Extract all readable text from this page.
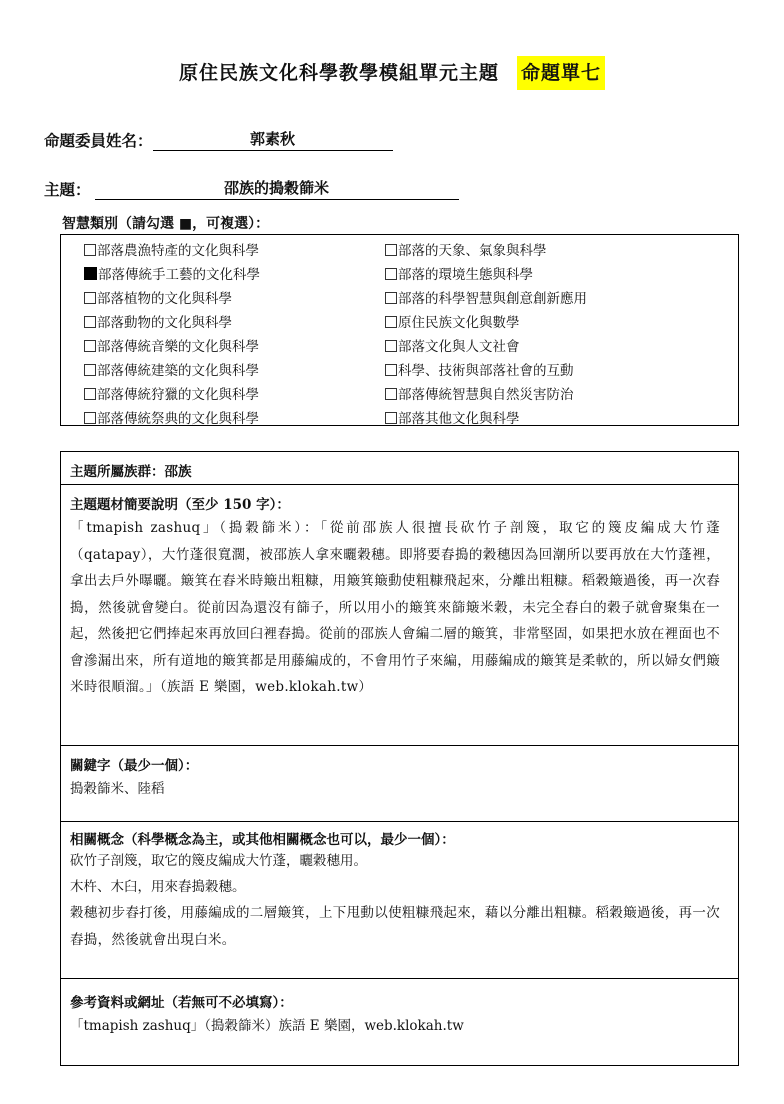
原住民族文化科學教學模組單元主題 命題單七
命題委員姓名：	郭素秋
主題：	邵族的搗穀篩米
智慧類別（請勾選 ■，可複選）：
部落農漁特產的文化與科學
部落傳統手工藝的文化科學
部落植物的文化與科學
部落動物的文化與科學
部落傳統音樂的文化與科學
部落傳統建築的文化與科學
部落傳統狩獵的文化與科學
部落傳統祭典的文化與科學
部落的天象、氣象與科學
部落的環境生態與科學
部落的科學智慧與創意創新應用
原住民族文化與數學
部落文化與人文社會
科學、技術與部落社會的互動
部落傳統智慧與自然災害防治
部落其他文化與科學
主題所屬族群：邵族
主題題材簡要說明（至少 150 字）：
「tmapish zashuq」（搗穀篩米）：「從前邵族人很擅長砍竹子剖篾，取它的篾皮編成大竹蓬（qatapay），大竹蓬很寬濶，被邵族人拿來曬穀穗。即將要舂搗的穀穗因為回潮所以要再放在大竹蓬裡，拿出去戶外曝曬。簸箕在舂米時簸出粗糠，用簸箕簸動使粗糠飛起來，分離出粗糠。稻穀簸過後，再一次舂搗，然後就會變白。從前因為還沒有篩子，所以用小的簸箕來篩簸米穀，未完全舂白的穀子就會聚集在一起，然後把它們捧起來再放回臼裡舂搗。從前的邵族人會編二層的簸箕，非常堅固，如果把水放在裡面也不會滲漏出來，所有道地的簸箕都是用藤編成的，不會用竹子來編，用藤編成的簸箕是柔軟的，所以婦女們簸米時很順溜。」（族語 E 樂園，web.klokah.tw）
關鍵字（最少一個）：
搗穀篩米、陸稻
相關概念（科學概念為主，或其他相關概念也可以，最少一個）：
砍竹子剖篾，取它的篾皮編成大竹蓬，曬穀穗用。
木杵、木臼，用來舂搗穀穗。
穀穗初步舂打後，用藤編成的二層簸箕，上下甩動以使粗糠飛起來，藉以分離出粗糠。稻穀簸過後，再一次舂搗，然後就會出現白米。
參考資料或網址（若無可不必填寫）：
「tmapish zashuq」（搗穀篩米）族語 E 樂園，web.klokah.tw
